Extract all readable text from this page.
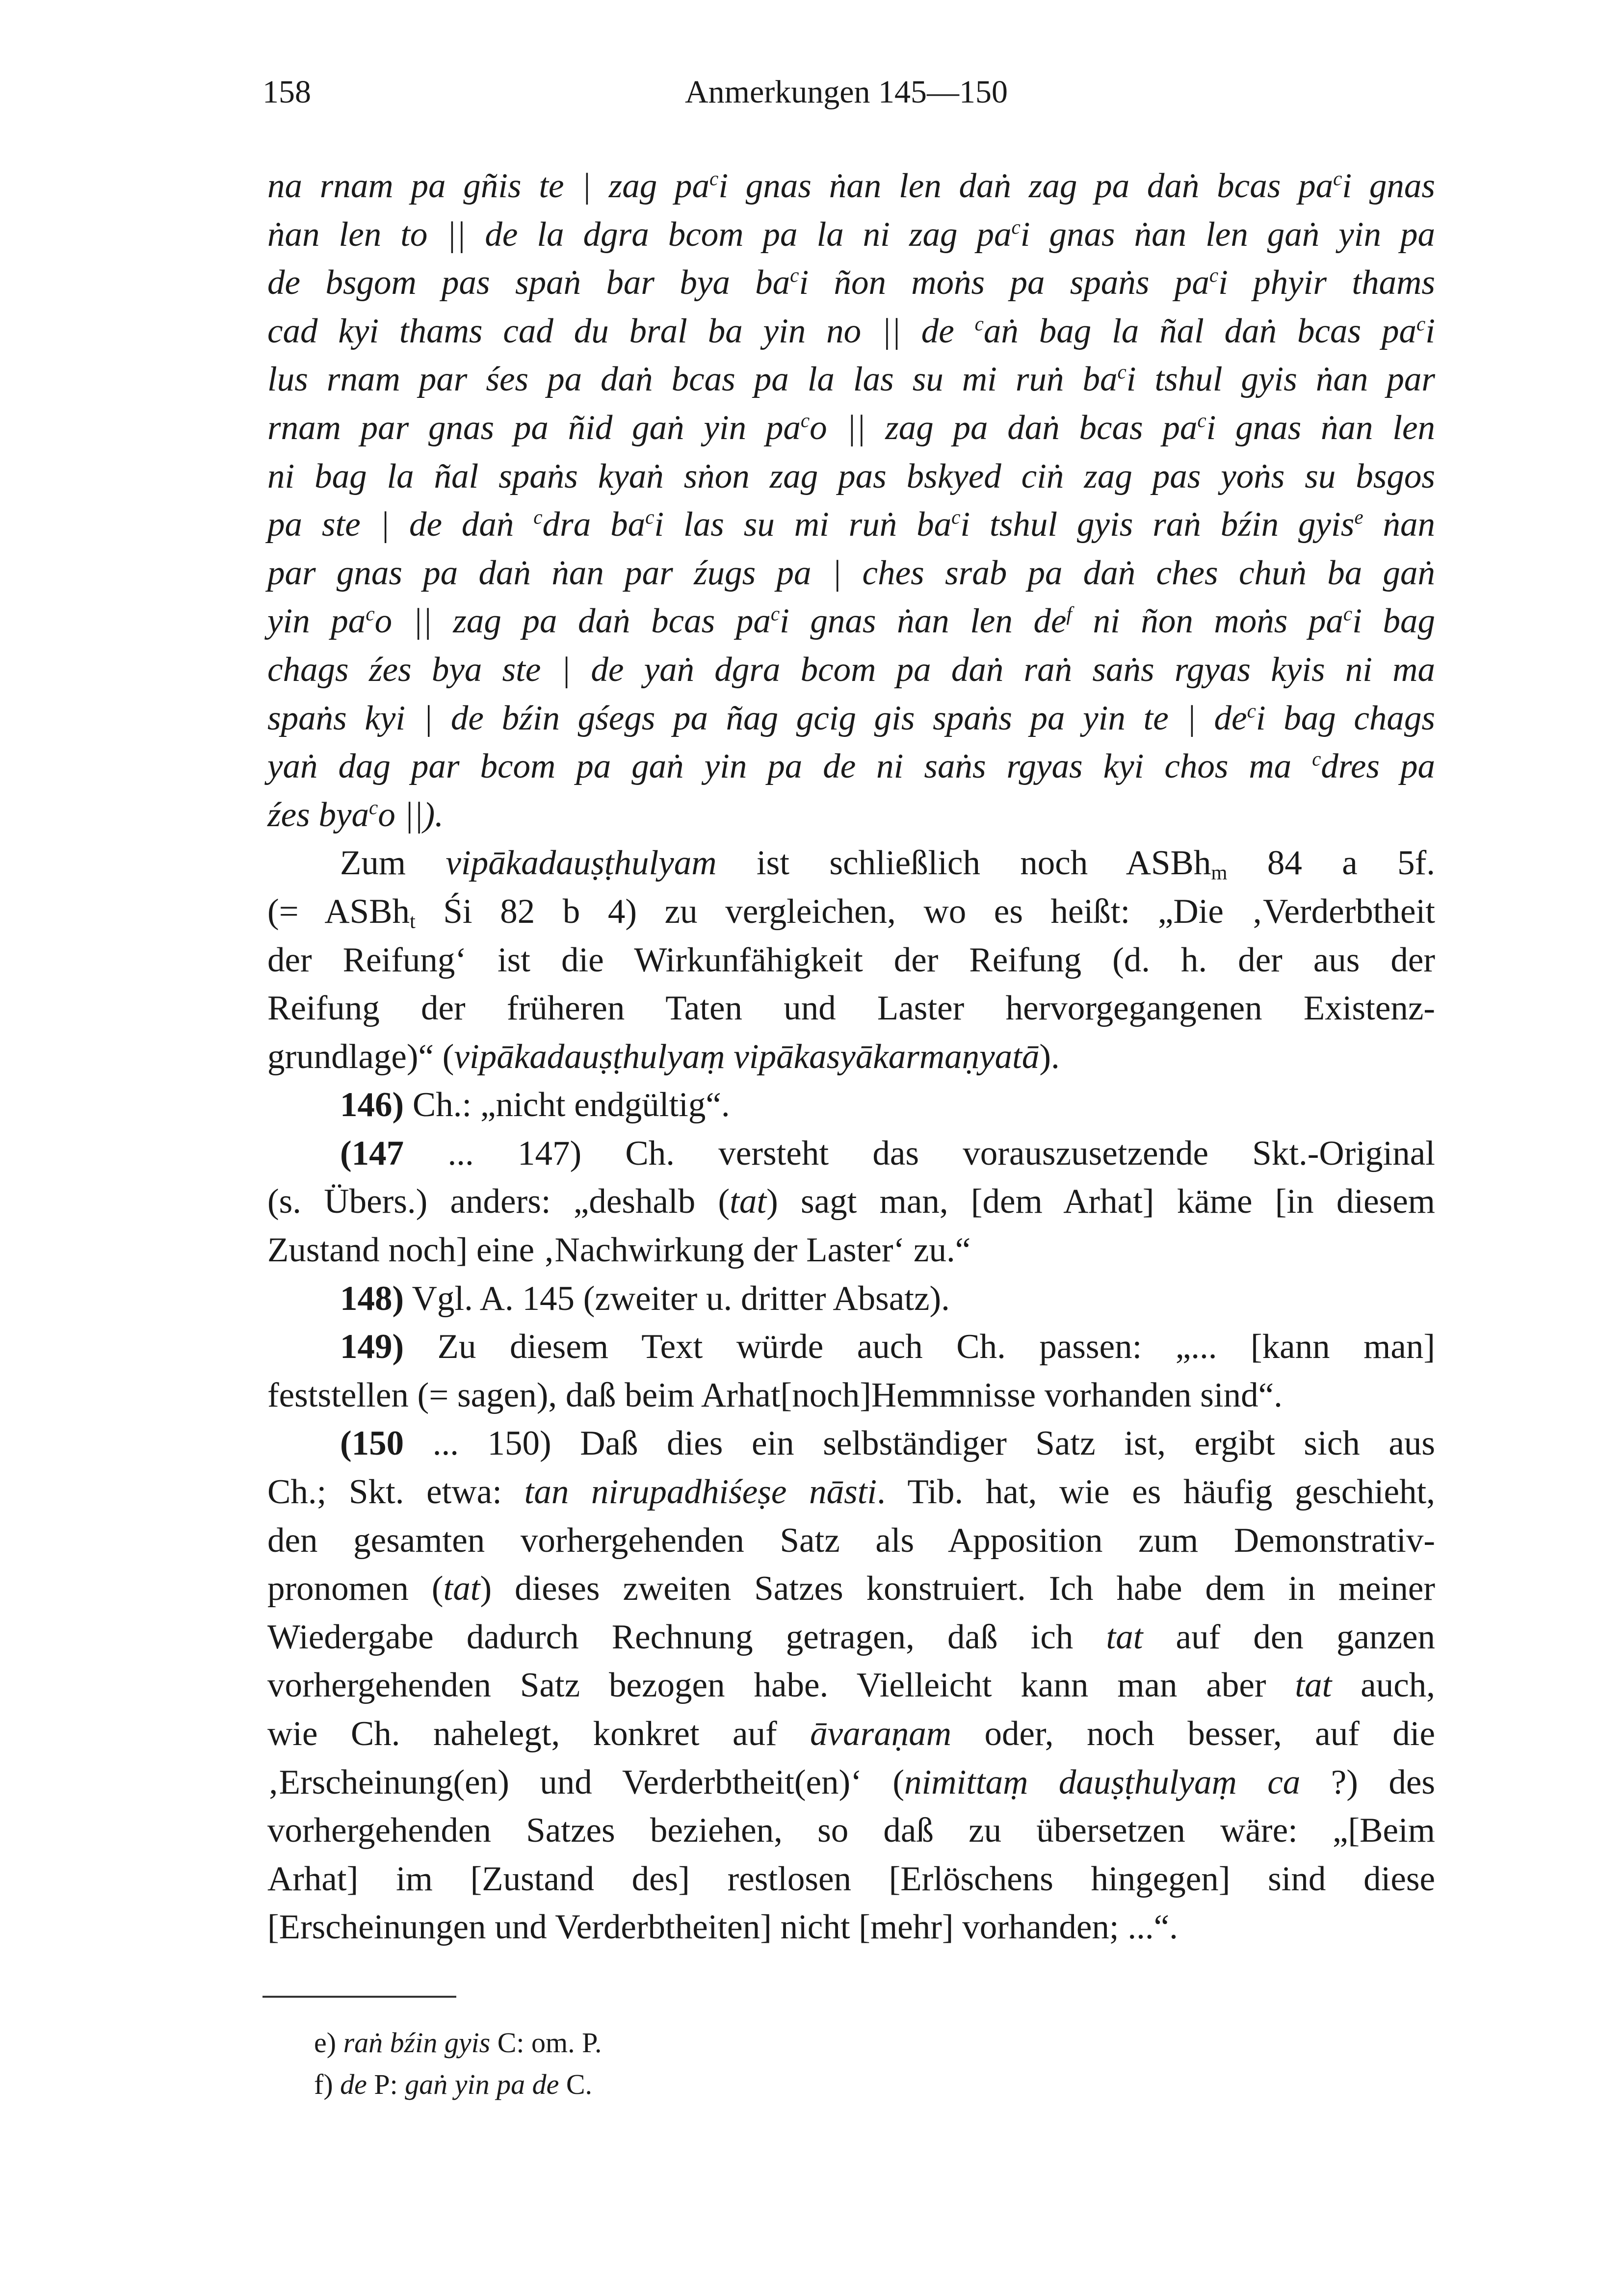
158	Anmerkungen 145—150
na rnam pa gñis te | zag $pa^ci$ gnas ṅan len daṅ zag pa daṅ bcas $pa^ci$ gnas
ṅan len to || de la dgra bcom pa la ni zag $pa^ci$ gnas ṅan len gaṅ yin pa
de bsgom pas spaṅ bar bya $ba^ci$ ñon moṅs pa spaṅs $pa^ci$ phyir thams
cad kyi thams cad du bral ba yin no || de $^c$aṅ bag la ñal daṅ bcas $pa^ci$
lus rnam par śes pa daṅ bcas pa la las su mi ruṅ $ba^ci$ tshul gyis ṅan par
rnam par gnas pa ñid gaṅ yin $pa^co$ || zag pa daṅ bcas $pa^ci$ gnas ṅan len
ni bag la ñal spaṅs kyaṅ sṅon zag pas bskyed ciṅ zag pas yoṅs su bsgos
pa ste | de daṅ $^c$dra $ba^ci$ las su mi ruṅ $ba^ci$ tshul gyis raṅ bźin gyis$^e$ ṅan
par gnas pa daṅ ṅan par źugs pa | ches srab pa daṅ ches chuṅ ba gaṅ
yin $pa^co$ || zag pa daṅ bcas $pa^ci$ gnas ṅan len $de^f$ ni ñon moṅs $pa^ci$ bag
chags źes bya ste | de yaṅ dgra bcom pa daṅ raṅ saṅs rgyas kyis ni ma
spaṅs kyi | de bźin gśegs pa ñag gcig gis spaṅs pa yin te | $de^ci$ bag chags
yaṅ dag par bcom pa gaṅ yin pa de ni saṅs rgyas kyi chos ma $^c$dres pa
źes bya$^c$o ||).
Zum vipākadauṣṭhulyam ist schließlich noch ASBh$_m$ 84 a 5f.
(= ASBh$_t$ Śi 82 b 4) zu vergleichen, wo es heißt: „Die ‚Verderbtheit
der Reifung‘ ist die Wirkunfähigkeit der Reifung (d. h. der aus der
Reifung der früheren Taten und Laster hervorgegangenen Existenz-
grundlage)“ (vipākadauṣṭhulyaṃ vipākasyākarmaṇyatā).
146) Ch.: „nicht endgültig“.
(147 ... 147) Ch. versteht das vorauszusetzende Skt.-Original
(s. Übers.) anders: „deshalb (tat) sagt man, [dem Arhat] käme [in diesem
Zustand noch] eine ‚Nachwirkung der Laster‘ zu.“
148) Vgl. A. 145 (zweiter u. dritter Absatz).
149) Zu diesem Text würde auch Ch. passen: „... [kann man]
feststellen (= sagen), daß beim Arhat[noch]Hemmnisse vorhanden sind“.
(150 ... 150) Daß dies ein selbständiger Satz ist, ergibt sich aus
Ch.; Skt. etwa: tan nirupadhiśeṣe nāsti. Tib. hat, wie es häufig geschieht,
den gesamten vorhergehenden Satz als Apposition zum Demonstrativ-
pronomen (tat) dieses zweiten Satzes konstruiert. Ich habe dem in meiner
Wiedergabe dadurch Rechnung getragen, daß ich tat auf den ganzen
vorhergehenden Satz bezogen habe. Vielleicht kann man aber tat auch,
wie Ch. nahelegt, konkret auf āvaraṇam oder, noch besser, auf die
‚Erscheinung(en) und Verderbtheit(en)‘ (nimittaṃ dauṣṭhulyaṃ ca ?) des
vorhergehenden Satzes beziehen, so daß zu übersetzen wäre: „[Beim
Arhat] im [Zustand des] restlosen [Erlöschens hingegen] sind diese
[Erscheinungen und Verderbtheiten] nicht [mehr] vorhanden; ...“.
e) raṅ bźin gyis C: om. P.
f) de P: gaṅ yin pa de C.
